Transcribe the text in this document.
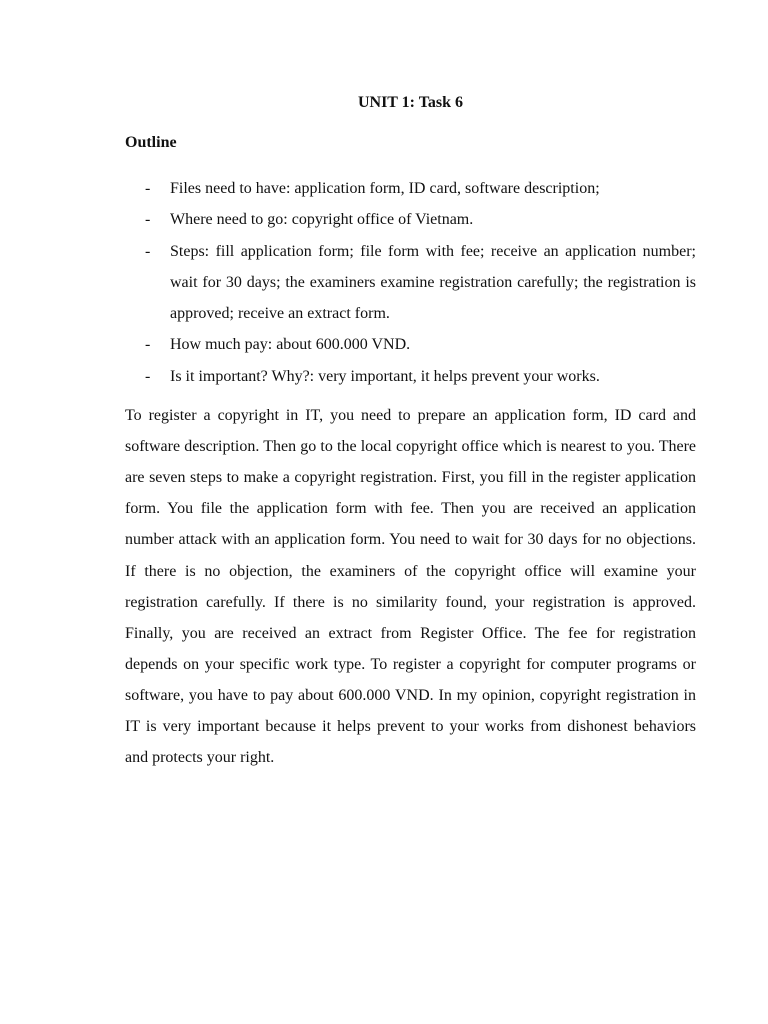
UNIT 1: Task 6

Outline

- Files need to have: application form, ID card, software description;
- Where need to go: copyright office of Vietnam.
- Steps: fill application form; file form with fee; receive an application number; wait for 30 days; the examiners examine registration carefully; the registration is approved; receive an extract form.
- How much pay: about 600.000 VND.
- Is it important? Why?: very important, it helps prevent your works.

To register a copyright in IT, you need to prepare an application form, ID card and software description. Then go to the local copyright office which is nearest to you. There are seven steps to make a copyright registration. First, you fill in the register application form. You file the application form with fee. Then you are received an application number attack with an application form. You need to wait for 30 days for no objections. If there is no objection, the examiners of the copyright office will examine your registration carefully. If there is no similarity found, your registration is approved. Finally, you are received an extract from Register Office. The fee for registration depends on your specific work type. To register a copyright for computer programs or software, you have to pay about 600.000 VND. In my opinion, copyright registration in IT is very important because it helps prevent to your works from dishonest behaviors and protects your right.
